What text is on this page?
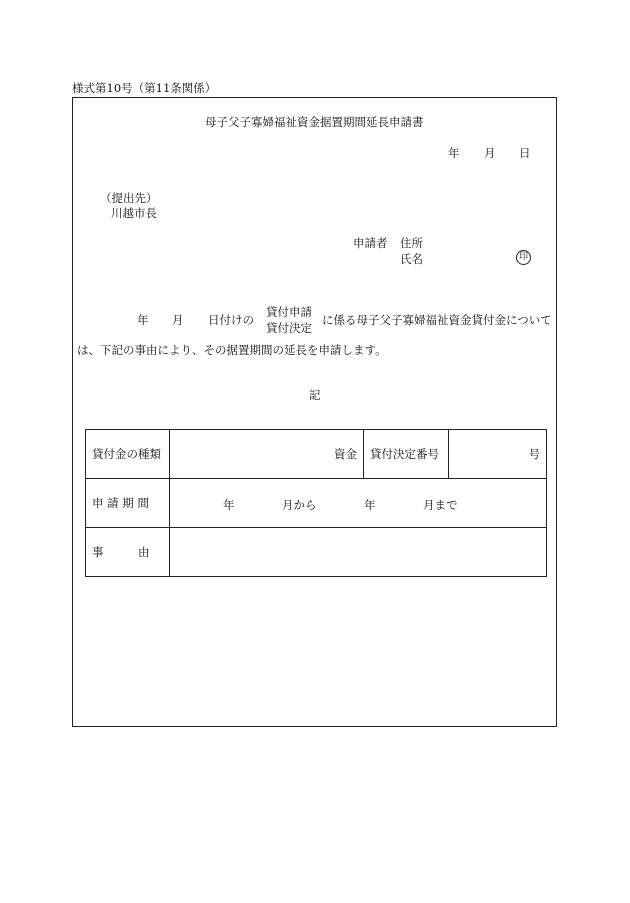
様式第10号（第11条関係）
母子父子寡婦福祉資金据置期間延長申請書
年 月 日
（提出先）
川越市長
申請者 住所
氏名	印
年 月 日付けの
貸付申請
貸付決定
に係る母子父子寡婦福祉資金貸付金について
は、下記の事由により、その据置期間の延長を申請します。
記
貸付金の種類	資金	貸付決定番号	号
申 請 期 間	年 月から 年 月まで		

事　　　由			
